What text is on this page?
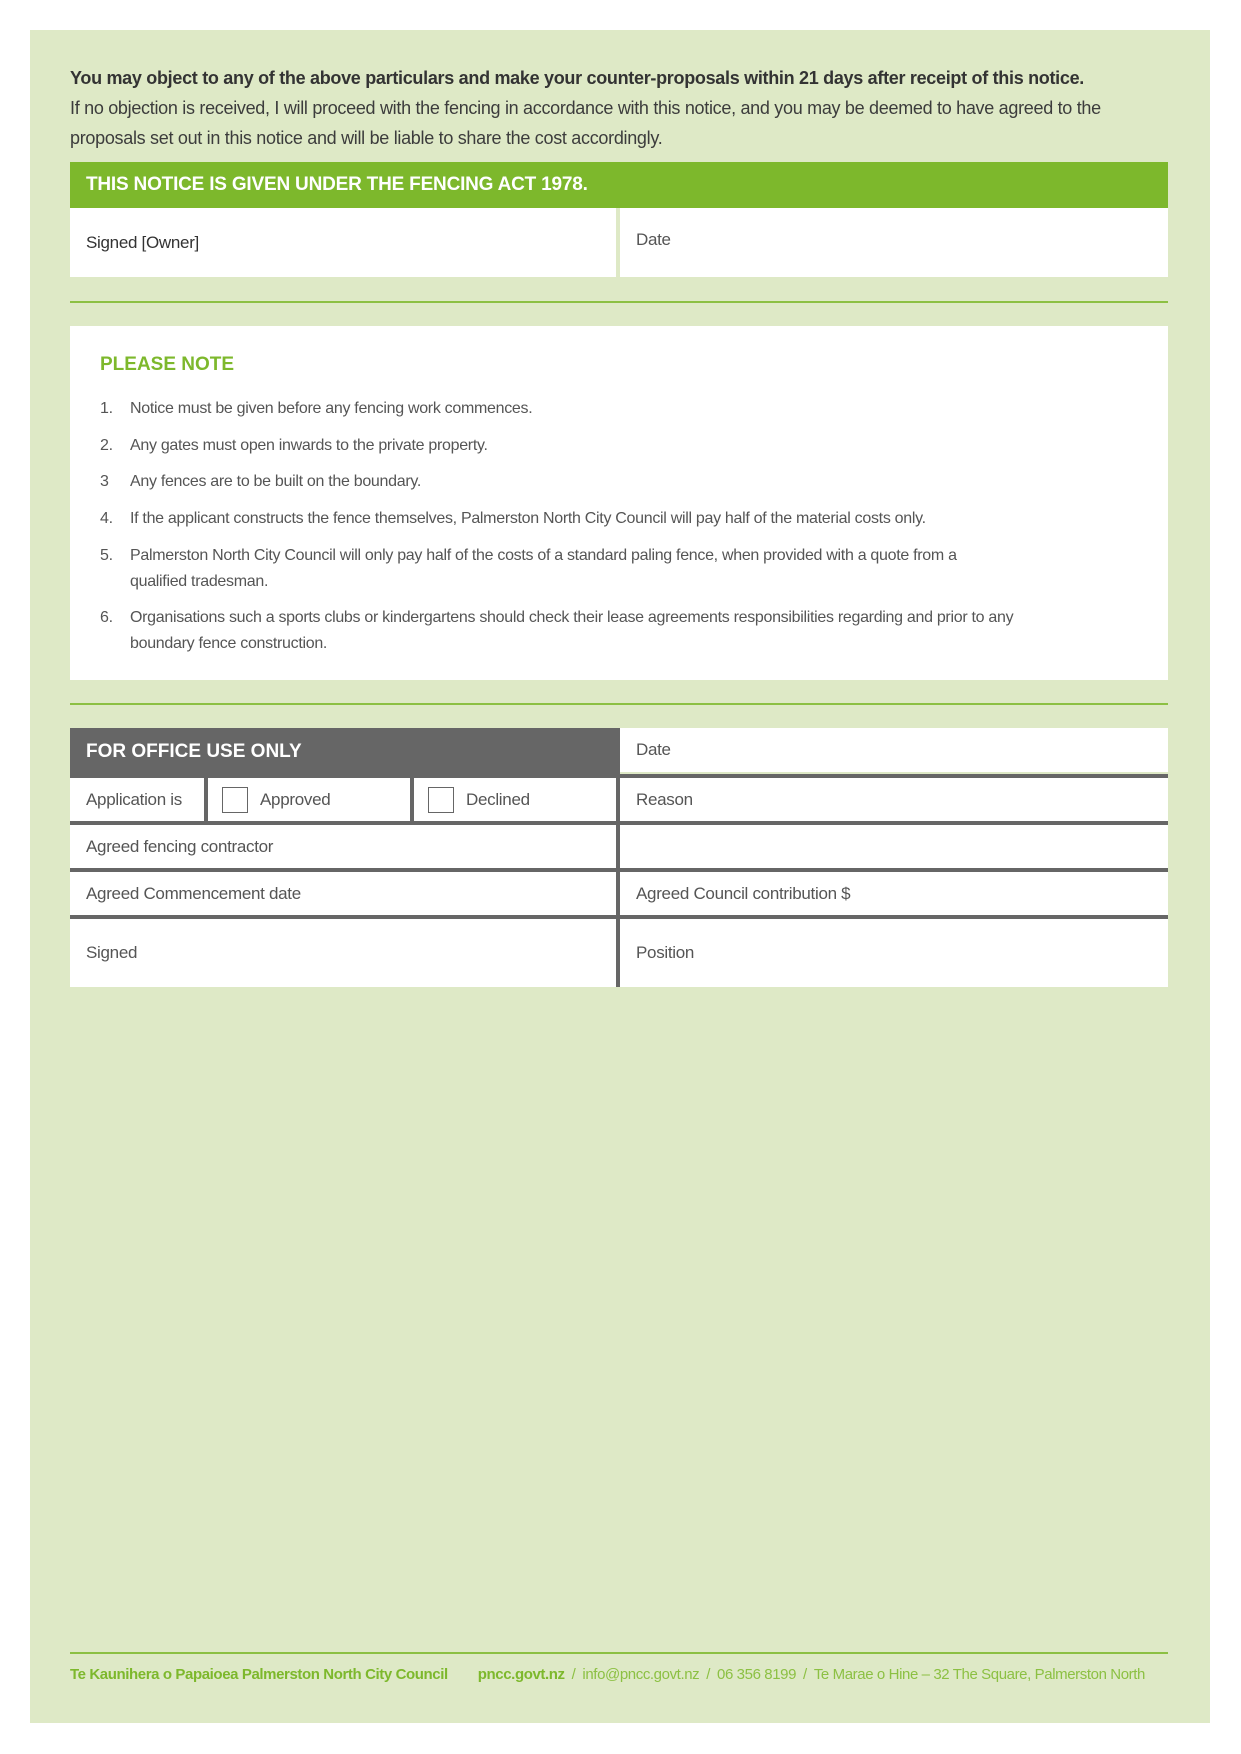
You may object to any of the above particulars and make your counter-proposals within 21 days after receipt of this notice.
If no objection is received, I will proceed with the fencing in accordance with this notice, and you may be deemed to have agreed to the proposals set out in this notice and will be liable to share the cost accordingly.
THIS NOTICE IS GIVEN UNDER THE FENCING ACT 1978.
Signed [Owner]	Date
PLEASE NOTE
1. Notice must be given before any fencing work commences.
2. Any gates must open inwards to the private property.
3 Any fences are to be built on the boundary.
4. If the applicant constructs the fence themselves, Palmerston North City Council will pay half of the material costs only.
5. Palmerston North City Council will only pay half of the costs of a standard paling fence, when provided with a quote from a
qualified tradesman.
6. Organisations such a sports clubs or kindergartens should check their lease agreements responsibilities regarding and prior to any
boundary fence construction.
FOR OFFICE USE ONLY	Date
Application is	Approved	Declined	Reason
Agreed fencing contractor
Agreed Commencement date	Agreed Council contribution $
Signed	Position
Te Kaunihera o Papaioea Palmerston North City Council pncc.govt.nz / info@pncc.govt.nz / 06 356 8199 / Te Marae o Hine – 32 The Square, Palmerston North
